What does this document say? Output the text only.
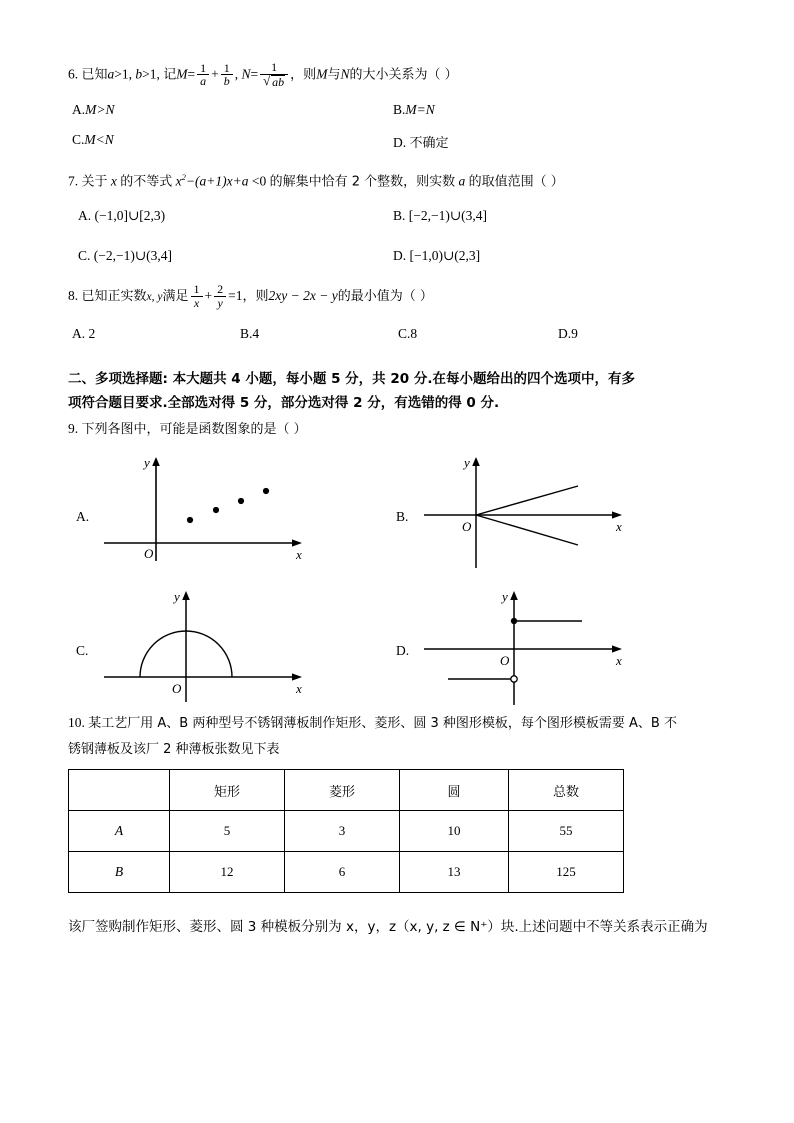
6. 已知a>1, b>1, 记$M= \frac{1}{a} + \frac{1}{b}$ , N= 1
√ ab ，则M与N的大小关系为（ ）
A.M>N	B.M=N
C.M<N	D. 不确定
7. 关于 x 的不等式 $x^2-(a+1)x+a <0$ 的解集中恰有 2 个整数，则实数 a 的取值范围（ ）
A. (−1,0]∪[2,3)	B. [−2,−1)∪(3,4]
C. (−2,−1)∪(3,4]	D. [−1,0)∪(2,3]
8. 已知正实数x, y满足 $\frac{1}{x} + \frac{2}{y} =1$，则2xy − 2x − y的最小值为（ ）
A. 2	B.4	C.8	D.9
二、多项选择题: 本大题共 4 小题，每小题 5 分，共 20 分.在每小题给出的四个选项中，有多
项符合题目要求.全部选对得 5 分，部分选对得 2 分，有选错的得 0 分.
9. 下列各图中，可能是函数图象的是（ ）
A.
y
x
O
B.
y
x
O
C.
y
x
O
D.
y
x
O
10. 某工艺厂用 A、B 两种型号不锈钢薄板制作矩形、菱形、圆 3 种图形模板，每个图形模板需要 A、B 不
锈钢薄板及该厂 2 种薄板张数见下表
	矩形	菱形	圆	总数
A	5	3	10	55
B	12	6	13	125
该厂签购制作矩形、菱形、圆 3 种模板分别为 x，y，z（x, y, z ∈ N⁺）块.上述问题中不等关系表示正确为
